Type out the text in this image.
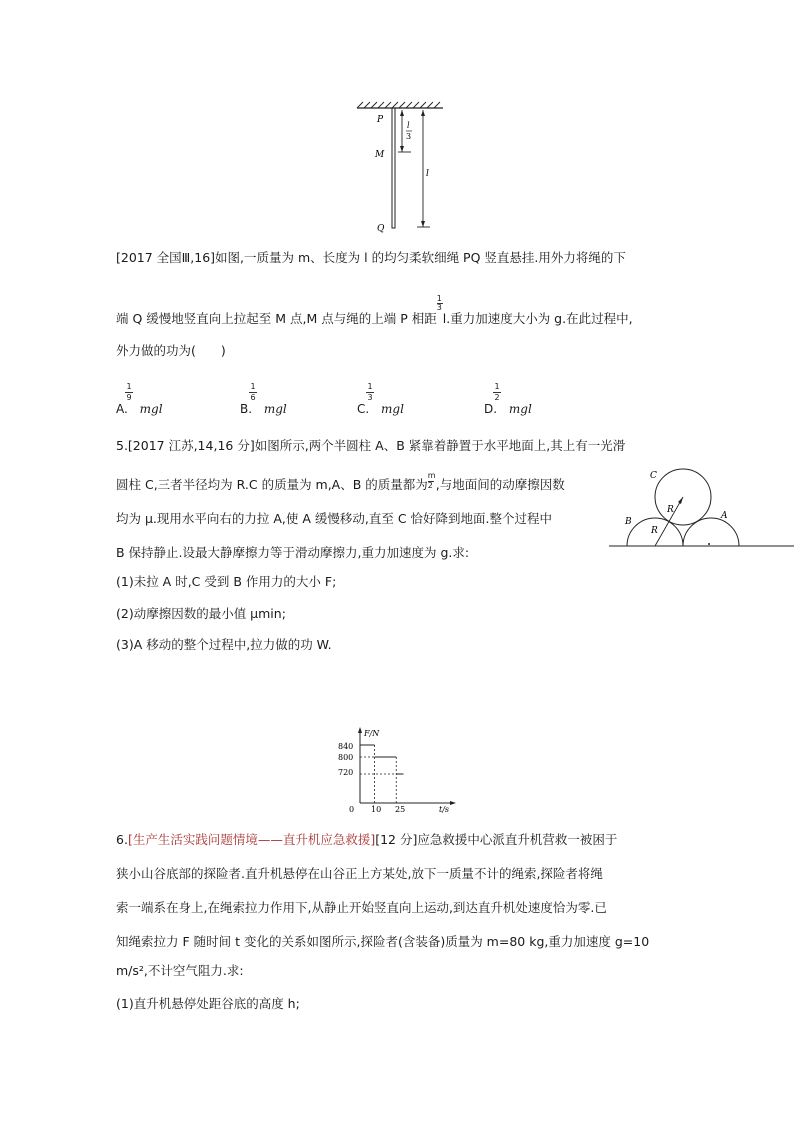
P
M
Q
l
3
l
[2017 全国Ⅲ,16]如图,一质量为 m、长度为 l 的均匀柔软细绳 PQ 竖直悬挂.用外力将绳的下
端 Q 缓慢地竖直向上拉起至 M 点,M 点与绳的上端 P 相距
$\frac{1}{3}$
l.重力加速度大小为 g.在此过程中,
外力做的功为(　　)
A.
1
9
mgl	B.
1
6
mgl	C.
1
3
mgl	D.
1
2
mgl
5.[2017 江苏,14,16 分]如图所示,两个半圆柱 A、B 紧靠着静置于水平地面上,其上有一光滑
圆柱 C,三者半径均为 R.C 的质量为 m,A、B 的质量都为
$\frac{m}{2}$
,与地面间的动摩擦因数
均为 μ.现用水平向右的力拉 A,使 A 缓慢移动,直至 C 恰好降到地面.整个过程中
B 保持静止.设最大静摩擦力等于滑动摩擦力,重力加速度为 g.求:
(1)未拉 A 时,C 受到 B 作用力的大小 F;
(2)动摩擦因数的最小值 μmin;
(3)A 移动的整个过程中,拉力做的功 W.
C
B
A
R
R
F/N
t/s
0
840
800
720
10 25
6.[生产生活实践问题情境——直升机应急救援][12 分]应急救援中心派直升机营救一被困于
狭小山谷底部的探险者.直升机悬停在山谷正上方某处,放下一质量不计的绳索,探险者将绳
索一端系在身上,在绳索拉力作用下,从静止开始竖直向上运动,到达直升机处速度恰为零.已
知绳索拉力 F 随时间 t 变化的关系如图所示,探险者(含装备)质量为 m=80 kg,重力加速度 g=10
m/s²,不计空气阻力.求:
(1)直升机悬停处距谷底的高度 h;
